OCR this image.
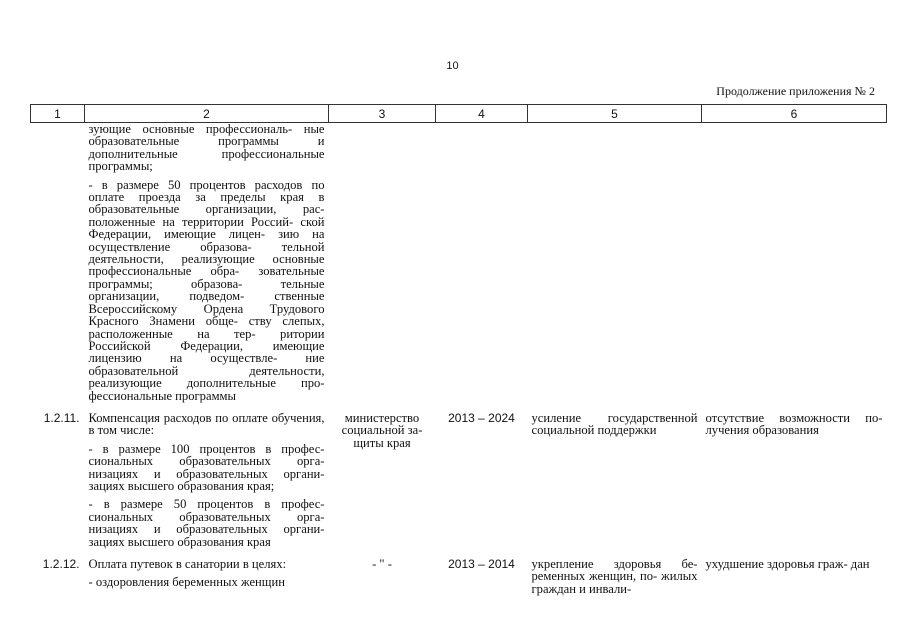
10
Продолжение приложения № 2
1	2	3	4	5	6

	зующие основные профессиональ- ные образовательные программы и дополнительные профессиональные программы;
- в размере 50 процентов расходов по оплате проезда за пределы края в образовательные организации, рас- положенные на территории Россий- ской Федерации, имеющие лицен- зию на осуществление образова- тельной деятельности, реализующие основные профессиональные обра- зовательные программы; образова- тельные организации, подведом- ственные Всероссийскому Ордена Трудового Красного Знамени обще- ству слепых, расположенные на тер- ритории Российской Федерации, имеющие лицензию на осуществле- ние образовательной деятельности, реализующие дополнительные про- фессиональные программы				

1.2.11.	Компенсация расходов по оплате обучения, в том числе:
- в размере 100 процентов в профес- сиональных образовательных орга- низациях и образовательных органи- зациях высшего образования края;
- в размере 50 процентов в профес- сиональных образовательных орга- низациях и образовательных органи- зациях высшего образования края	министерство социальной за- щиты края	2013 – 2024	усиление государственной социальной поддержки	отсутствие возможности по- лучения образования
1.2.12.	Оплата путевок в санатории в целях:
- оздоровления беременных женщин	- " -	2013 – 2014	укрепление здоровья бе- ременных женщин, по- жилых граждан и инвали-	ухудшение здоровья граж- дан
